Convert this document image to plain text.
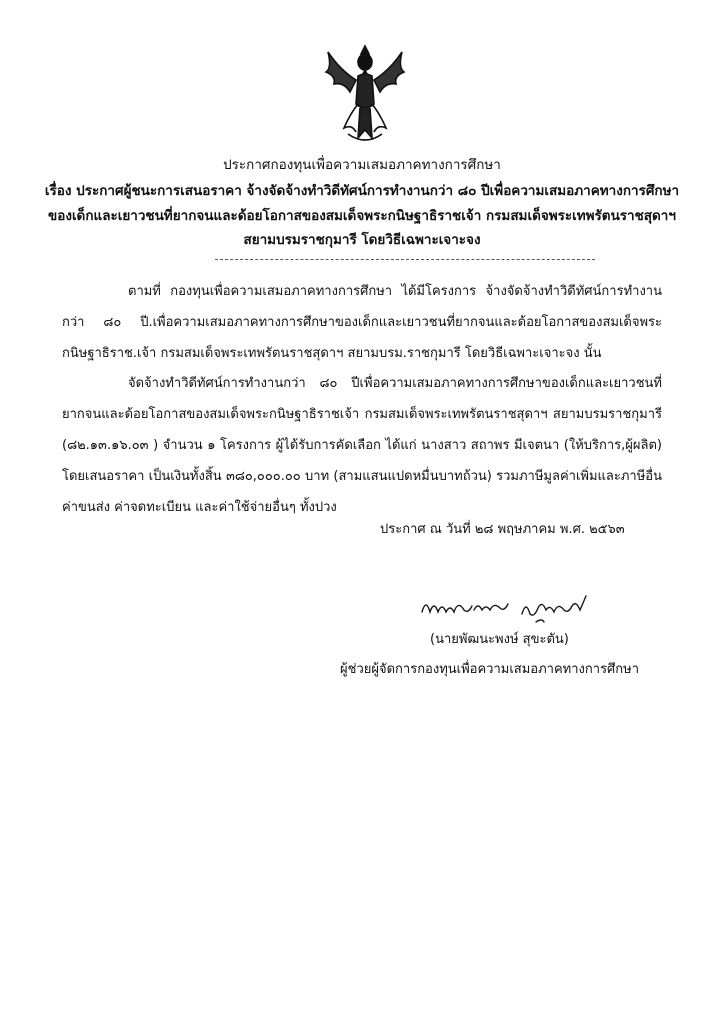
ประกาศกองทุนเพื่อความเสมอภาคทางการศึกษา
เรื่อง ประกาศผู้ชนะการเสนอราคา จ้างจัดจ้างทำวิดีทัศน์การทำงานกว่า ๘๐ ปีเพื่อความเสมอภาคทางการศึกษา
ของเด็กและเยาวชนที่ยากจนและด้อยโอกาสของสมเด็จพระกนิษฐาธิราชเจ้า กรมสมเด็จพระเทพรัตนราชสุดาฯ
สยามบรมราชกุมารี โดยวิธีเฉพาะเจาะจง
ตามที่ กองทุนเพื่อความเสมอภาคทางการศึกษา ได้มีโครงการ จ้างจัดจ้างทำวิดีทัศน์การทำงานกว่า ๘๐ ปี.เพื่อความเสมอภาคทางการศึกษาของเด็กและเยาวชนที่ยากจนและด้อยโอกาสของสมเด็จพระกนิษฐาธิราช.เจ้า กรมสมเด็จพระเทพรัตนราชสุดาฯ สยามบรม.ราชกุมารี โดยวิธีเฉพาะเจาะจง นั้น
จัดจ้างทำวิดีทัศน์การทำงานกว่า ๘๐ ปีเพื่อความเสมอภาคทางการศึกษาของเด็กและเยาวชนที่ยากจนและด้อยโอกาสของสมเด็จพระกนิษฐาธิราชเจ้า กรมสมเด็จพระเทพรัตนราชสุดาฯ สยามบรมราชกุมารี (๘๒.๑๓.๑๖.๐๓ ) จำนวน ๑ โครงการ ผู้ได้รับการคัดเลือก ได้แก่ นางสาว สถาพร มีเจตนา (ให้บริการ,ผู้ผลิต) โดยเสนอราคา เป็นเงินทั้งสิ้น ๓๘๐,๐๐๐.๐๐ บาท (สามแสนแปดหมื่นบาทถ้วน) รวมภาษีมูลค่าเพิ่มและภาษีอื่น ค่าขนส่ง ค่าจดทะเบียน และค่าใช้จ่ายอื่นๆ ทั้งปวง
ประกาศ ณ วันที่ ๒๘ พฤษภาคม พ.ศ. ๒๕๖๓
(นายพัฒนะพงษ์ สุขะตัน)
ผู้ช่วยผู้จัดการกองทุนเพื่อความเสมอภาคทางการศึกษา
